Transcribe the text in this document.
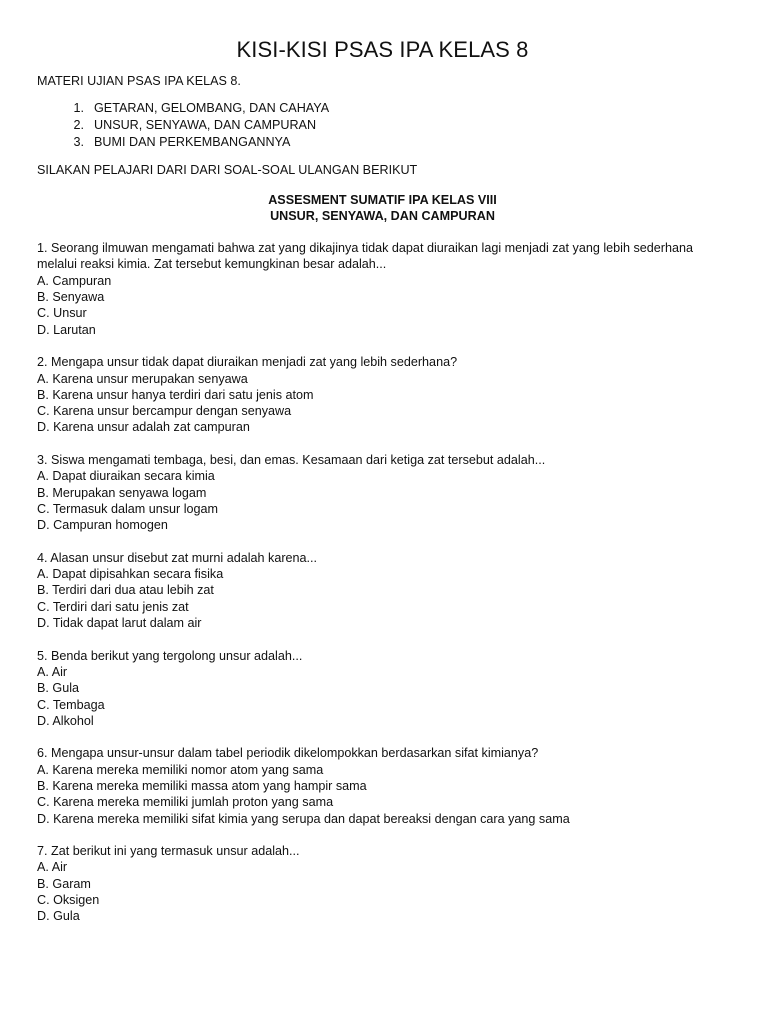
KISI-KISI PSAS IPA KELAS 8
MATERI UJIAN PSAS IPA KELAS 8.
1. GETARAN, GELOMBANG, DAN CAHAYA
2. UNSUR, SENYAWA, DAN CAMPURAN
3. BUMI DAN PERKEMBANGANNYA
SILAKAN PELAJARI DARI DARI SOAL-SOAL ULANGAN BERIKUT
ASSESMENT SUMATIF IPA KELAS VIII
UNSUR, SENYAWA, DAN CAMPURAN
1. Seorang ilmuwan mengamati bahwa zat yang dikajinya tidak dapat diuraikan lagi menjadi zat yang lebih sederhana melalui reaksi kimia. Zat tersebut kemungkinan besar adalah...
A. Campuran
B. Senyawa
C. Unsur
D. Larutan
2. Mengapa unsur tidak dapat diuraikan menjadi zat yang lebih sederhana?
A. Karena unsur merupakan senyawa
B. Karena unsur hanya terdiri dari satu jenis atom
C. Karena unsur bercampur dengan senyawa
D. Karena unsur adalah zat campuran
3. Siswa mengamati tembaga, besi, dan emas. Kesamaan dari ketiga zat tersebut adalah...
A. Dapat diuraikan secara kimia
B. Merupakan senyawa logam
C. Termasuk dalam unsur logam
D. Campuran homogen
4. Alasan unsur disebut zat murni adalah karena...
A. Dapat dipisahkan secara fisika
B. Terdiri dari dua atau lebih zat
C. Terdiri dari satu jenis zat
D. Tidak dapat larut dalam air
5. Benda berikut yang tergolong unsur adalah...
A. Air
B. Gula
C. Tembaga
D. Alkohol
6. Mengapa unsur-unsur dalam tabel periodik dikelompokkan berdasarkan sifat kimianya?
A. Karena mereka memiliki nomor atom yang sama
B. Karena mereka memiliki massa atom yang hampir sama
C. Karena mereka memiliki jumlah proton yang sama
D. Karena mereka memiliki sifat kimia yang serupa dan dapat bereaksi dengan cara yang sama
7. Zat berikut ini yang termasuk unsur adalah...
A. Air
B. Garam
C. Oksigen
D. Gula
